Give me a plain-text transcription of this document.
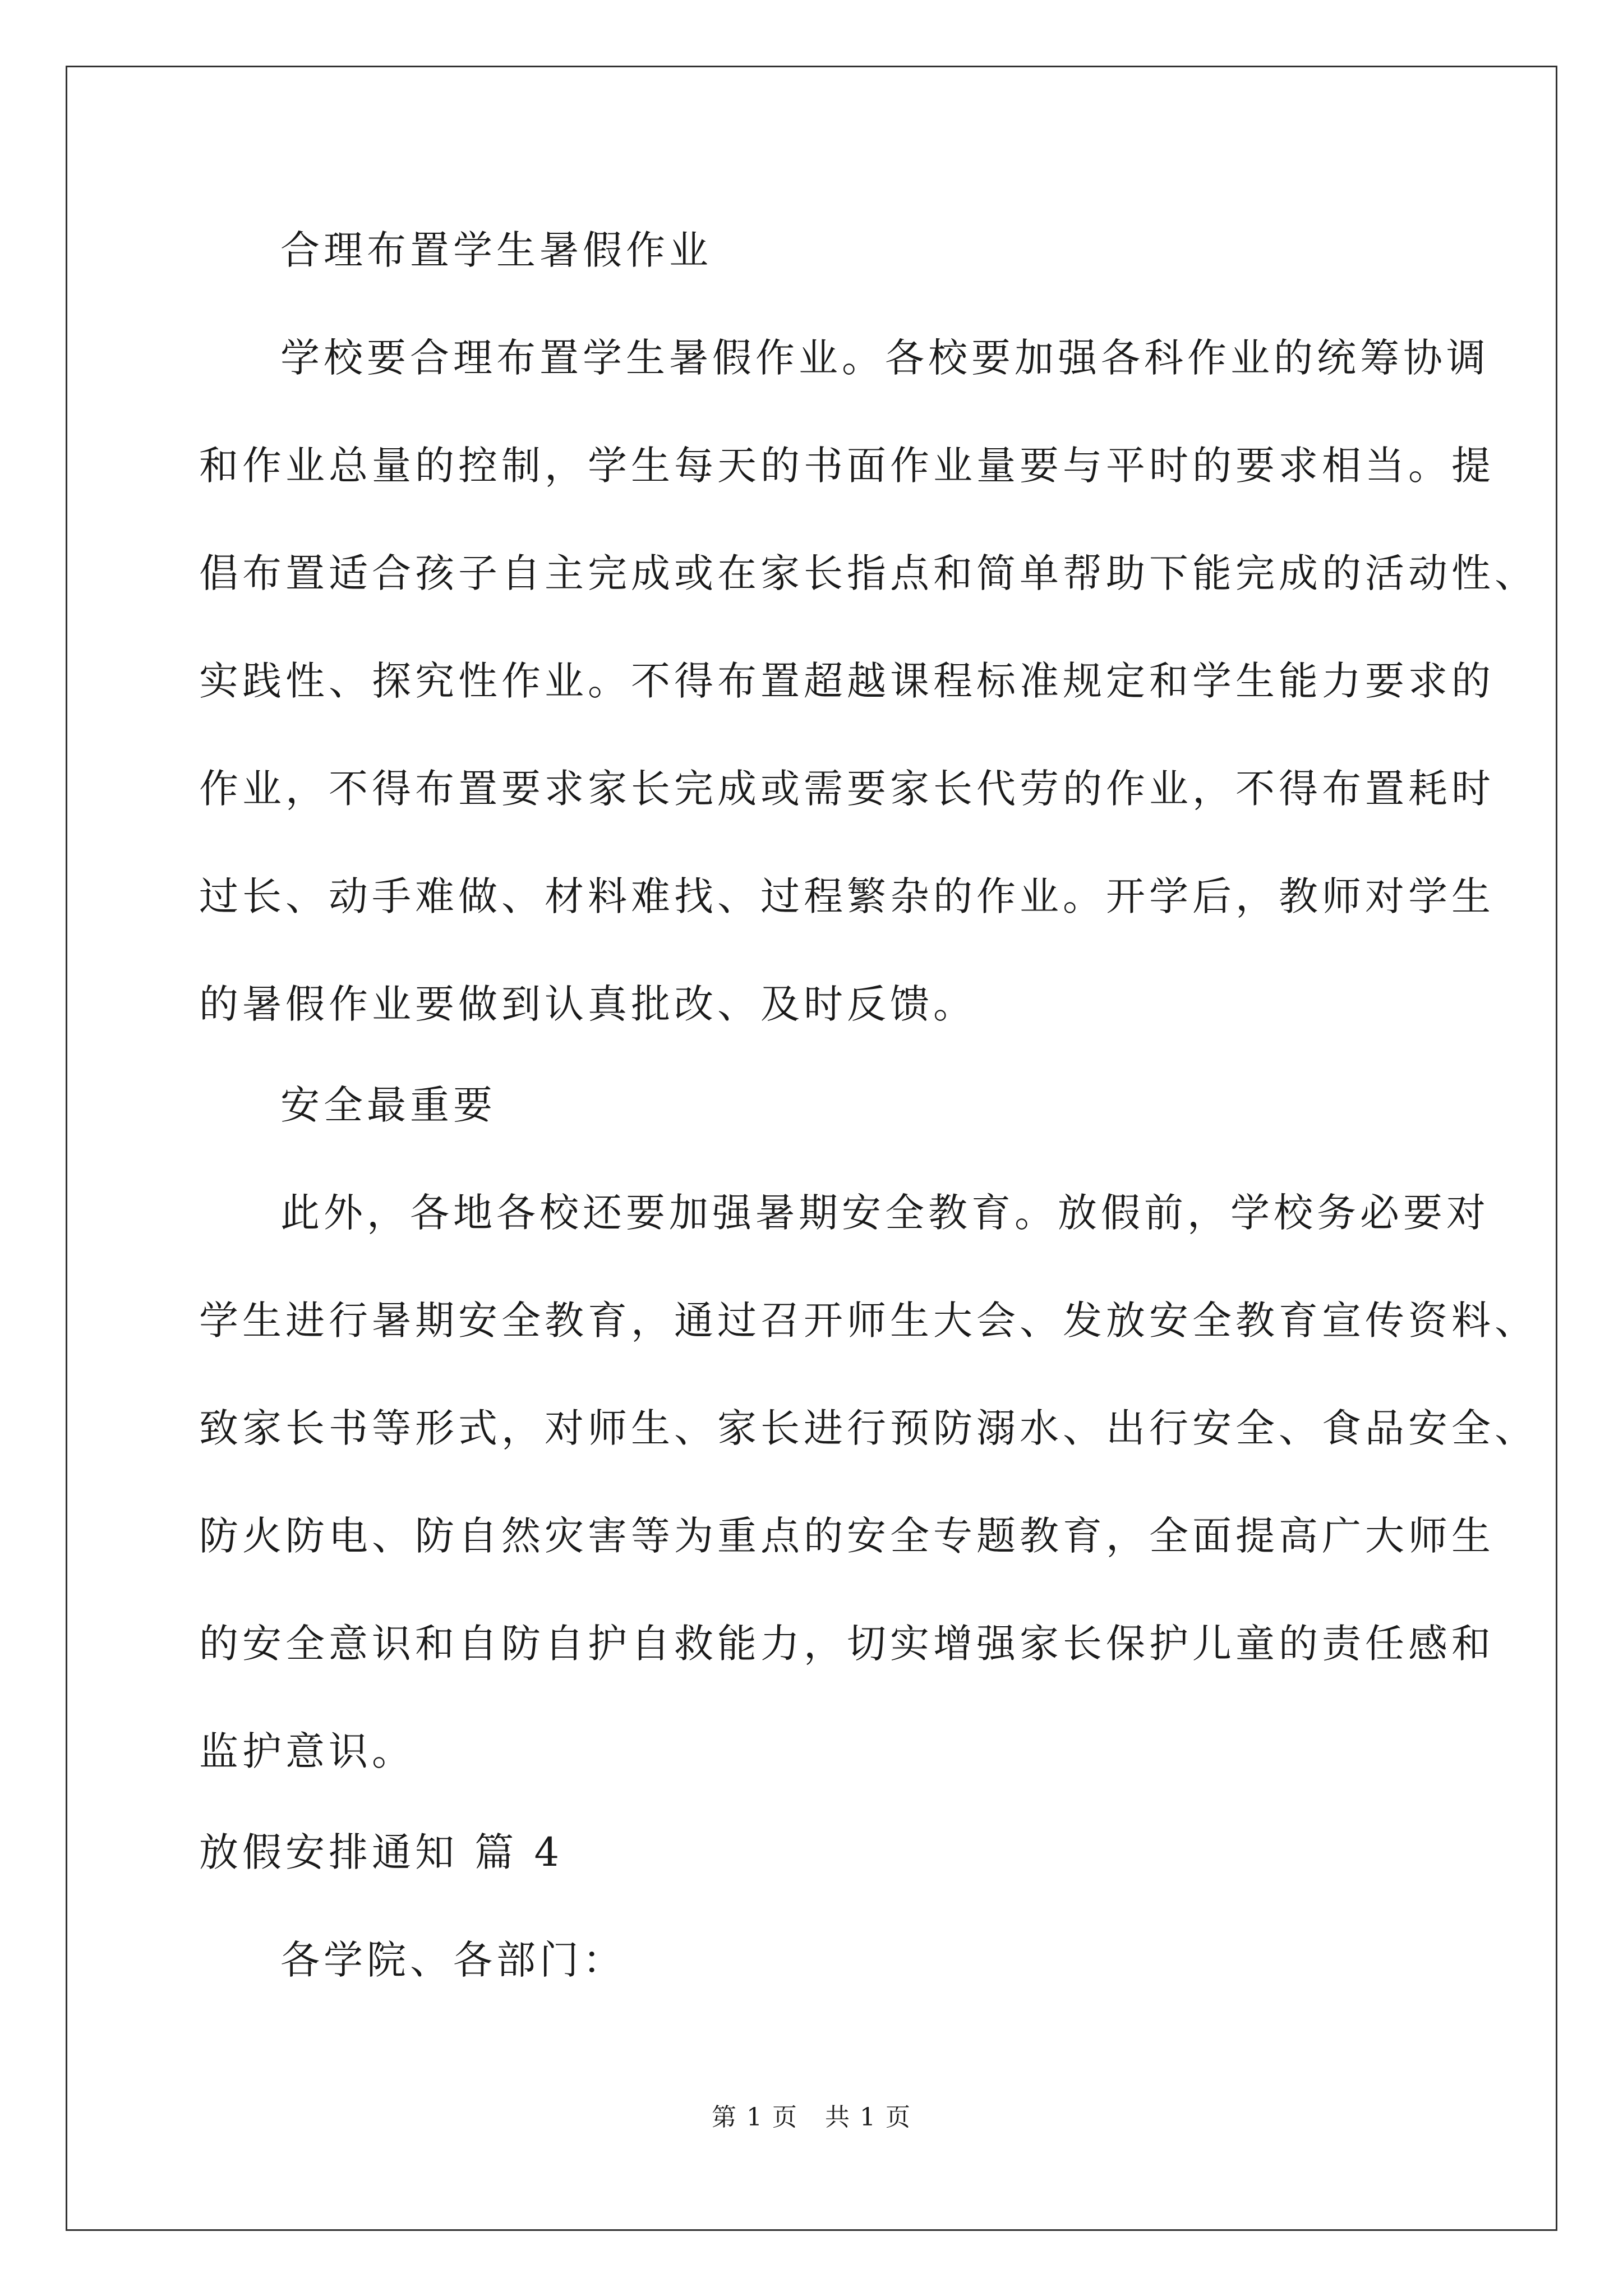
合理布置学生暑假作业
学校要合理布置学生暑假作业。各校要加强各科作业的统筹协调
和作业总量的控制，学生每天的书面作业量要与平时的要求相当。提
倡布置适合孩子自主完成或在家长指点和简单帮助下能完成的活动性、
实践性、探究性作业。不得布置超越课程标准规定和学生能力要求的
作业，不得布置要求家长完成或需要家长代劳的作业，不得布置耗时
过长、动手难做、材料难找、过程繁杂的作业。开学后，教师对学生
的暑假作业要做到认真批改、及时反馈。
安全最重要
此外，各地各校还要加强暑期安全教育。放假前，学校务必要对
学生进行暑期安全教育，通过召开师生大会、发放安全教育宣传资料、
致家长书等形式，对师生、家长进行预防溺水、出行安全、食品安全、
防火防电、防自然灾害等为重点的安全专题教育，全面提高广大师生
的安全意识和自防自护自救能力，切实增强家长保护儿童的责任感和
监护意识。
放假安排通知 篇 4
各学院、各部门：
第 1 页   共 1 页
